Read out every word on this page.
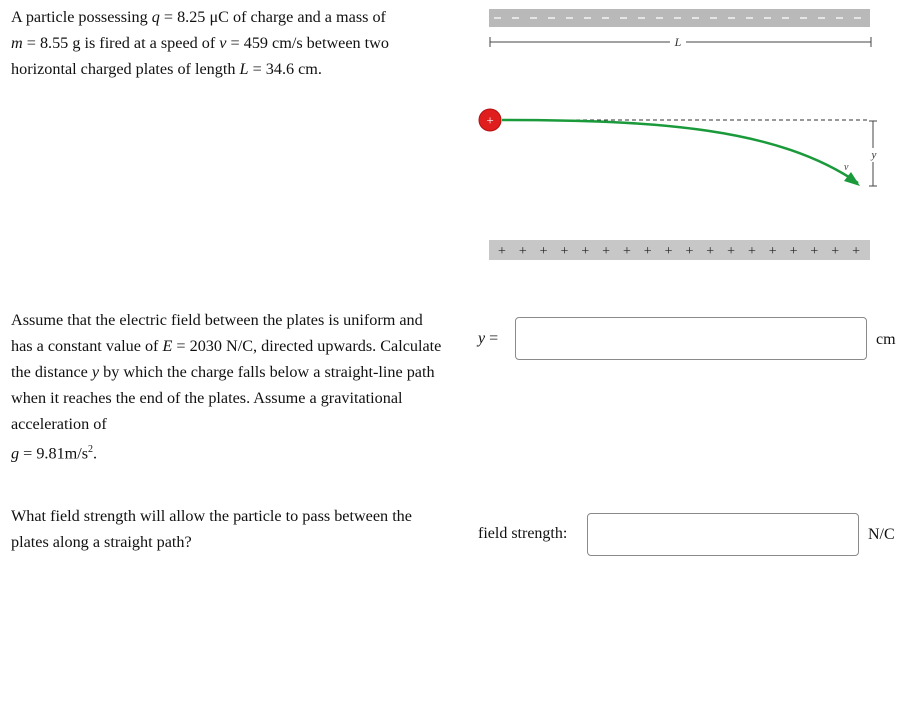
A particle possessing q = 8.25 μC of charge and a mass of
m = 8.55 g is fired at a speed of v = 459 cm/s between two horizontal charged plates of length L = 34.6 cm.
Assume that the electric field between the plates is uniform and has a constant value of E = 2030 N/C, directed upwards. Calculate the distance y by which the charge falls below a straight-line path when it reaches the end of the plates. Assume a gravitational acceleration of
$g = 9.81m/s^2$.
What field strength will allow the particle to pass between the plates along a straight path?
L
v
y
+
+ + + + + + + + + + + + + + + + + +
y =	cm
field strength:	N/C
